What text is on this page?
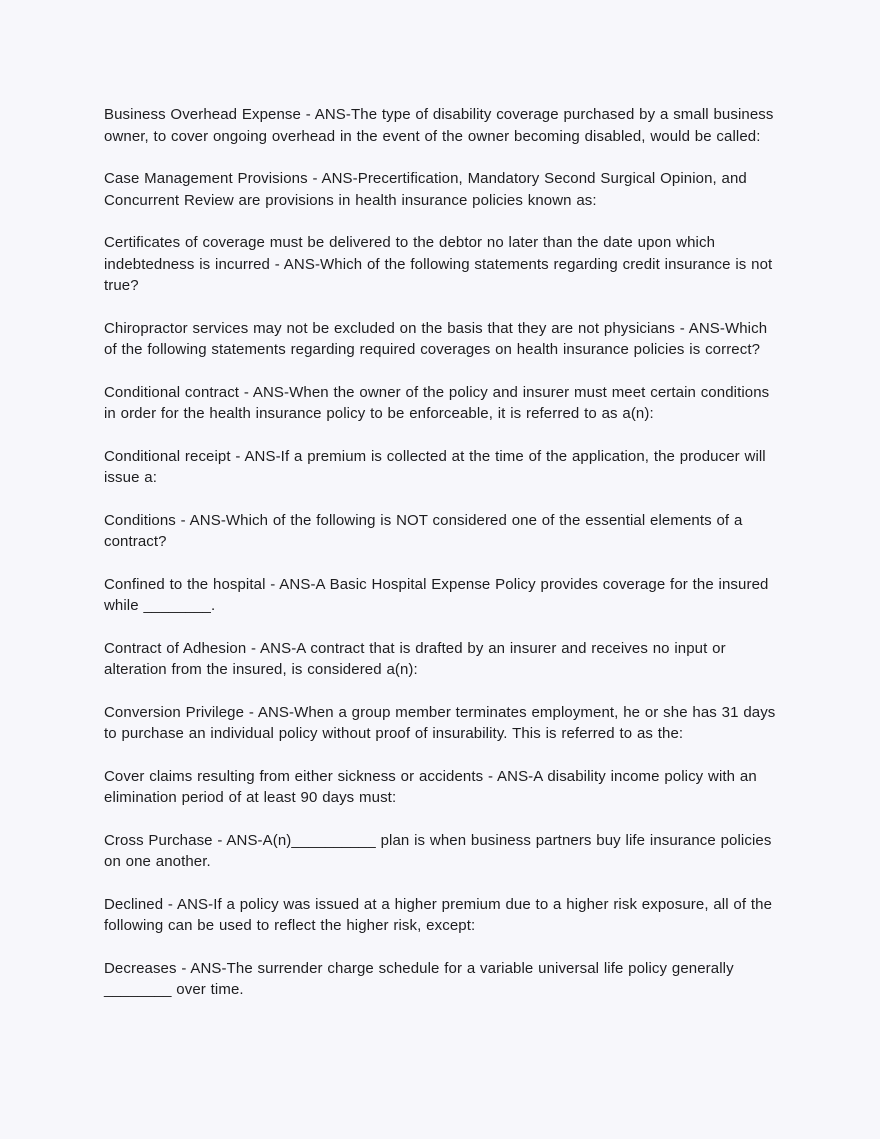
Business Overhead Expense - ANS-The type of disability coverage purchased by a small business owner, to cover ongoing overhead in the event of the owner becoming disabled, would be called:

Case Management Provisions - ANS-Precertification, Mandatory Second Surgical Opinion, and Concurrent Review are provisions in health insurance policies known as:

Certificates of coverage must be delivered to the debtor no later than the date upon which indebtedness is incurred - ANS-Which of the following statements regarding credit insurance is not true?

Chiropractor services may not be excluded on the basis that they are not physicians - ANS-Which of the following statements regarding required coverages on health insurance policies is correct?

Conditional contract - ANS-When the owner of the policy and insurer must meet certain conditions in order for the health insurance policy to be enforceable, it is referred to as a(n):

Conditional receipt - ANS-If a premium is collected at the time of the application, the producer will issue a:

Conditions - ANS-Which of the following is NOT considered one of the essential elements of a contract?

Confined to the hospital - ANS-A Basic Hospital Expense Policy provides coverage for the insured while ________.

Contract of Adhesion - ANS-A contract that is drafted by an insurer and receives no input or alteration from the insured, is considered a(n):

Conversion Privilege - ANS-When a group member terminates employment, he or she has 31 days to purchase an individual policy without proof of insurability. This is referred to as the:

Cover claims resulting from either sickness or accidents - ANS-A disability income policy with an elimination period of at least 90 days must:

Cross Purchase - ANS-A(n)__________ plan is when business partners buy life insurance policies on one another.

Declined - ANS-If a policy was issued at a higher premium due to a higher risk exposure, all of the following can be used to reflect the higher risk, except:

Decreases - ANS-The surrender charge schedule for a variable universal life policy generally ________ over time.
